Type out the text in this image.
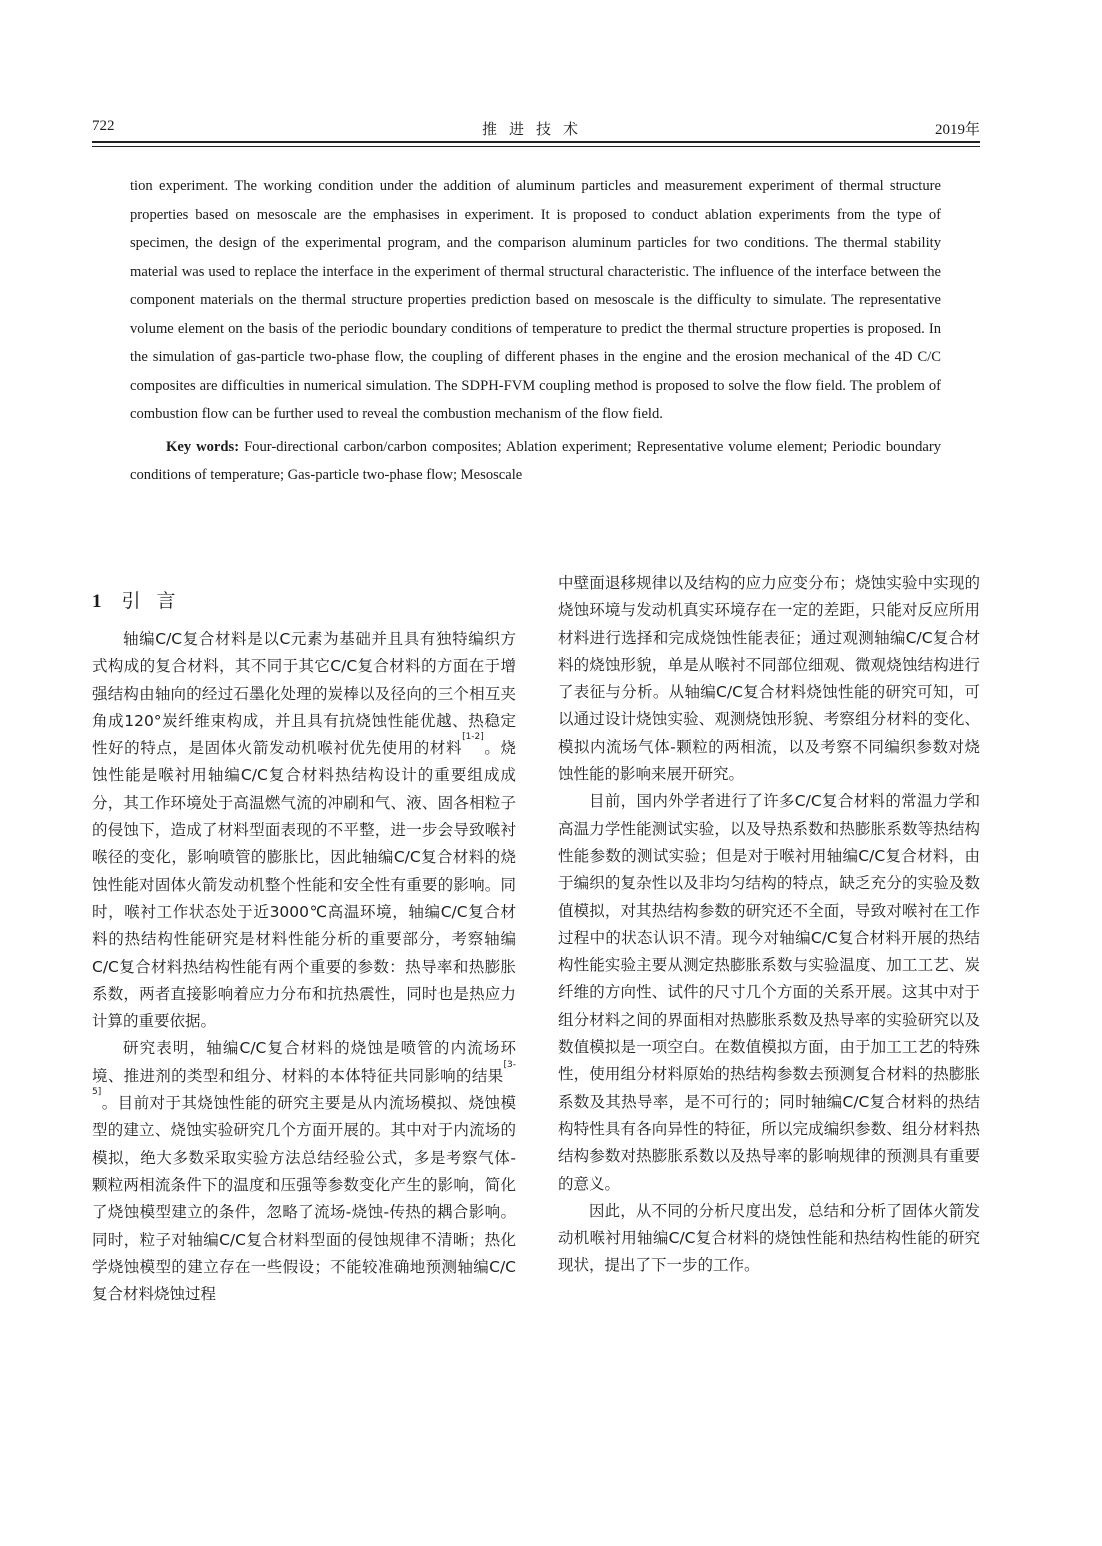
722	推进技术	2019年

tion experiment. The working condition under the addition of aluminum particles and measurement experiment of thermal structure properties based on mesoscale are the emphasises in experiment. It is proposed to conduct ablation experiments from the type of specimen, the design of the experimental program, and the comparison aluminum particles for two conditions. The thermal stability material was used to replace the interface in the experiment of thermal structural characteristic. The influence of the interface between the component materials on the thermal structure properties prediction based on mesoscale is the difficulty to simulate. The representative volume element on the basis of the periodic boundary conditions of temperature to predict the thermal structure properties is proposed. In the simulation of gas-particle two-phase flow, the coupling of different phases in the engine and the erosion mechanical of the 4D C/C composites are difficulties in numerical simulation. The SDPH-FVM coupling method is proposed to solve the flow field. The problem of combustion flow can be further used to reveal the combustion mechanism of the flow field.

Key words: Four-directional carbon/carbon composites; Ablation experiment; Representative volume element; Periodic boundary conditions of temperature; Gas-particle two-phase flow; Mesoscale

1 引言

轴编C/C复合材料是以C元素为基础并且具有独特编织方式构成的复合材料，其不同于其它C/C复合材料的方面在于增强结构由轴向的经过石墨化处理的炭棒以及径向的三个相互夹角成120°炭纤维束构成，并且具有抗烧蚀性能优越、热稳定性好的特点，是固体火箭发动机喉衬优先使用的材料[1-2]。烧蚀性能是喉衬用轴编C/C复合材料热结构设计的重要组成成分，其工作环境处于高温燃气流的冲刷和气、液、固各相粒子的侵蚀下，造成了材料型面表现的不平整，进一步会导致喉衬喉径的变化，影响喷管的膨胀比，因此轴编C/C复合材料的烧蚀性能对固体火箭发动机整个性能和安全性有重要的影响。同时，喉衬工作状态处于近3000℃高温环境，轴编C/C复合材料的热结构性能研究是材料性能分析的重要部分，考察轴编C/C复合材料热结构性能有两个重要的参数：热导率和热膨胀系数，两者直接影响着应力分布和抗热震性，同时也是热应力计算的重要依据。

研究表明，轴编C/C复合材料的烧蚀是喷管的内流场环境、推进剂的类型和组分、材料的本体特征共同影响的结果[3-5]。目前对于其烧蚀性能的研究主要是从内流场模拟、烧蚀模型的建立、烧蚀实验研究几个方面开展的。其中对于内流场的模拟，绝大多数采取实验方法总结经验公式，多是考察气体-颗粒两相流条件下的温度和压强等参数变化产生的影响，简化了烧蚀模型建立的条件，忽略了流场-烧蚀-传热的耦合影响。同时，粒子对轴编C/C复合材料型面的侵蚀规律不清晰；热化学烧蚀模型的建立存在一些假设；不能较准确地预测轴编C/C复合材料烧蚀过程

中壁面退移规律以及结构的应力应变分布；烧蚀实验中实现的烧蚀环境与发动机真实环境存在一定的差距，只能对反应所用材料进行选择和完成烧蚀性能表征；通过观测轴编C/C复合材料的烧蚀形貌，单是从喉衬不同部位细观、微观烧蚀结构进行了表征与分析。从轴编C/C复合材料烧蚀性能的研究可知，可以通过设计烧蚀实验、观测烧蚀形貌、考察组分材料的变化、模拟内流场气体-颗粒的两相流，以及考察不同编织参数对烧蚀性能的影响来展开研究。

目前，国内外学者进行了许多C/C复合材料的常温力学和高温力学性能测试实验，以及导热系数和热膨胀系数等热结构性能参数的测试实验；但是对于喉衬用轴编C/C复合材料，由于编织的复杂性以及非均匀结构的特点，缺乏充分的实验及数值模拟，对其热结构参数的研究还不全面，导致对喉衬在工作过程中的状态认识不清。现今对轴编C/C复合材料开展的热结构性能实验主要从测定热膨胀系数与实验温度、加工工艺、炭纤维的方向性、试件的尺寸几个方面的关系开展。这其中对于组分材料之间的界面相对热膨胀系数及热导率的实验研究以及数值模拟是一项空白。在数值模拟方面，由于加工工艺的特殊性，使用组分材料原始的热结构参数去预测复合材料的热膨胀系数及其热导率，是不可行的；同时轴编C/C复合材料的热结构特性具有各向异性的特征，所以完成编织参数、组分材料热结构参数对热膨胀系数以及热导率的影响规律的预测具有重要的意义。

因此，从不同的分析尺度出发，总结和分析了固体火箭发动机喉衬用轴编C/C复合材料的烧蚀性能和热结构性能的研究现状，提出了下一步的工作。
